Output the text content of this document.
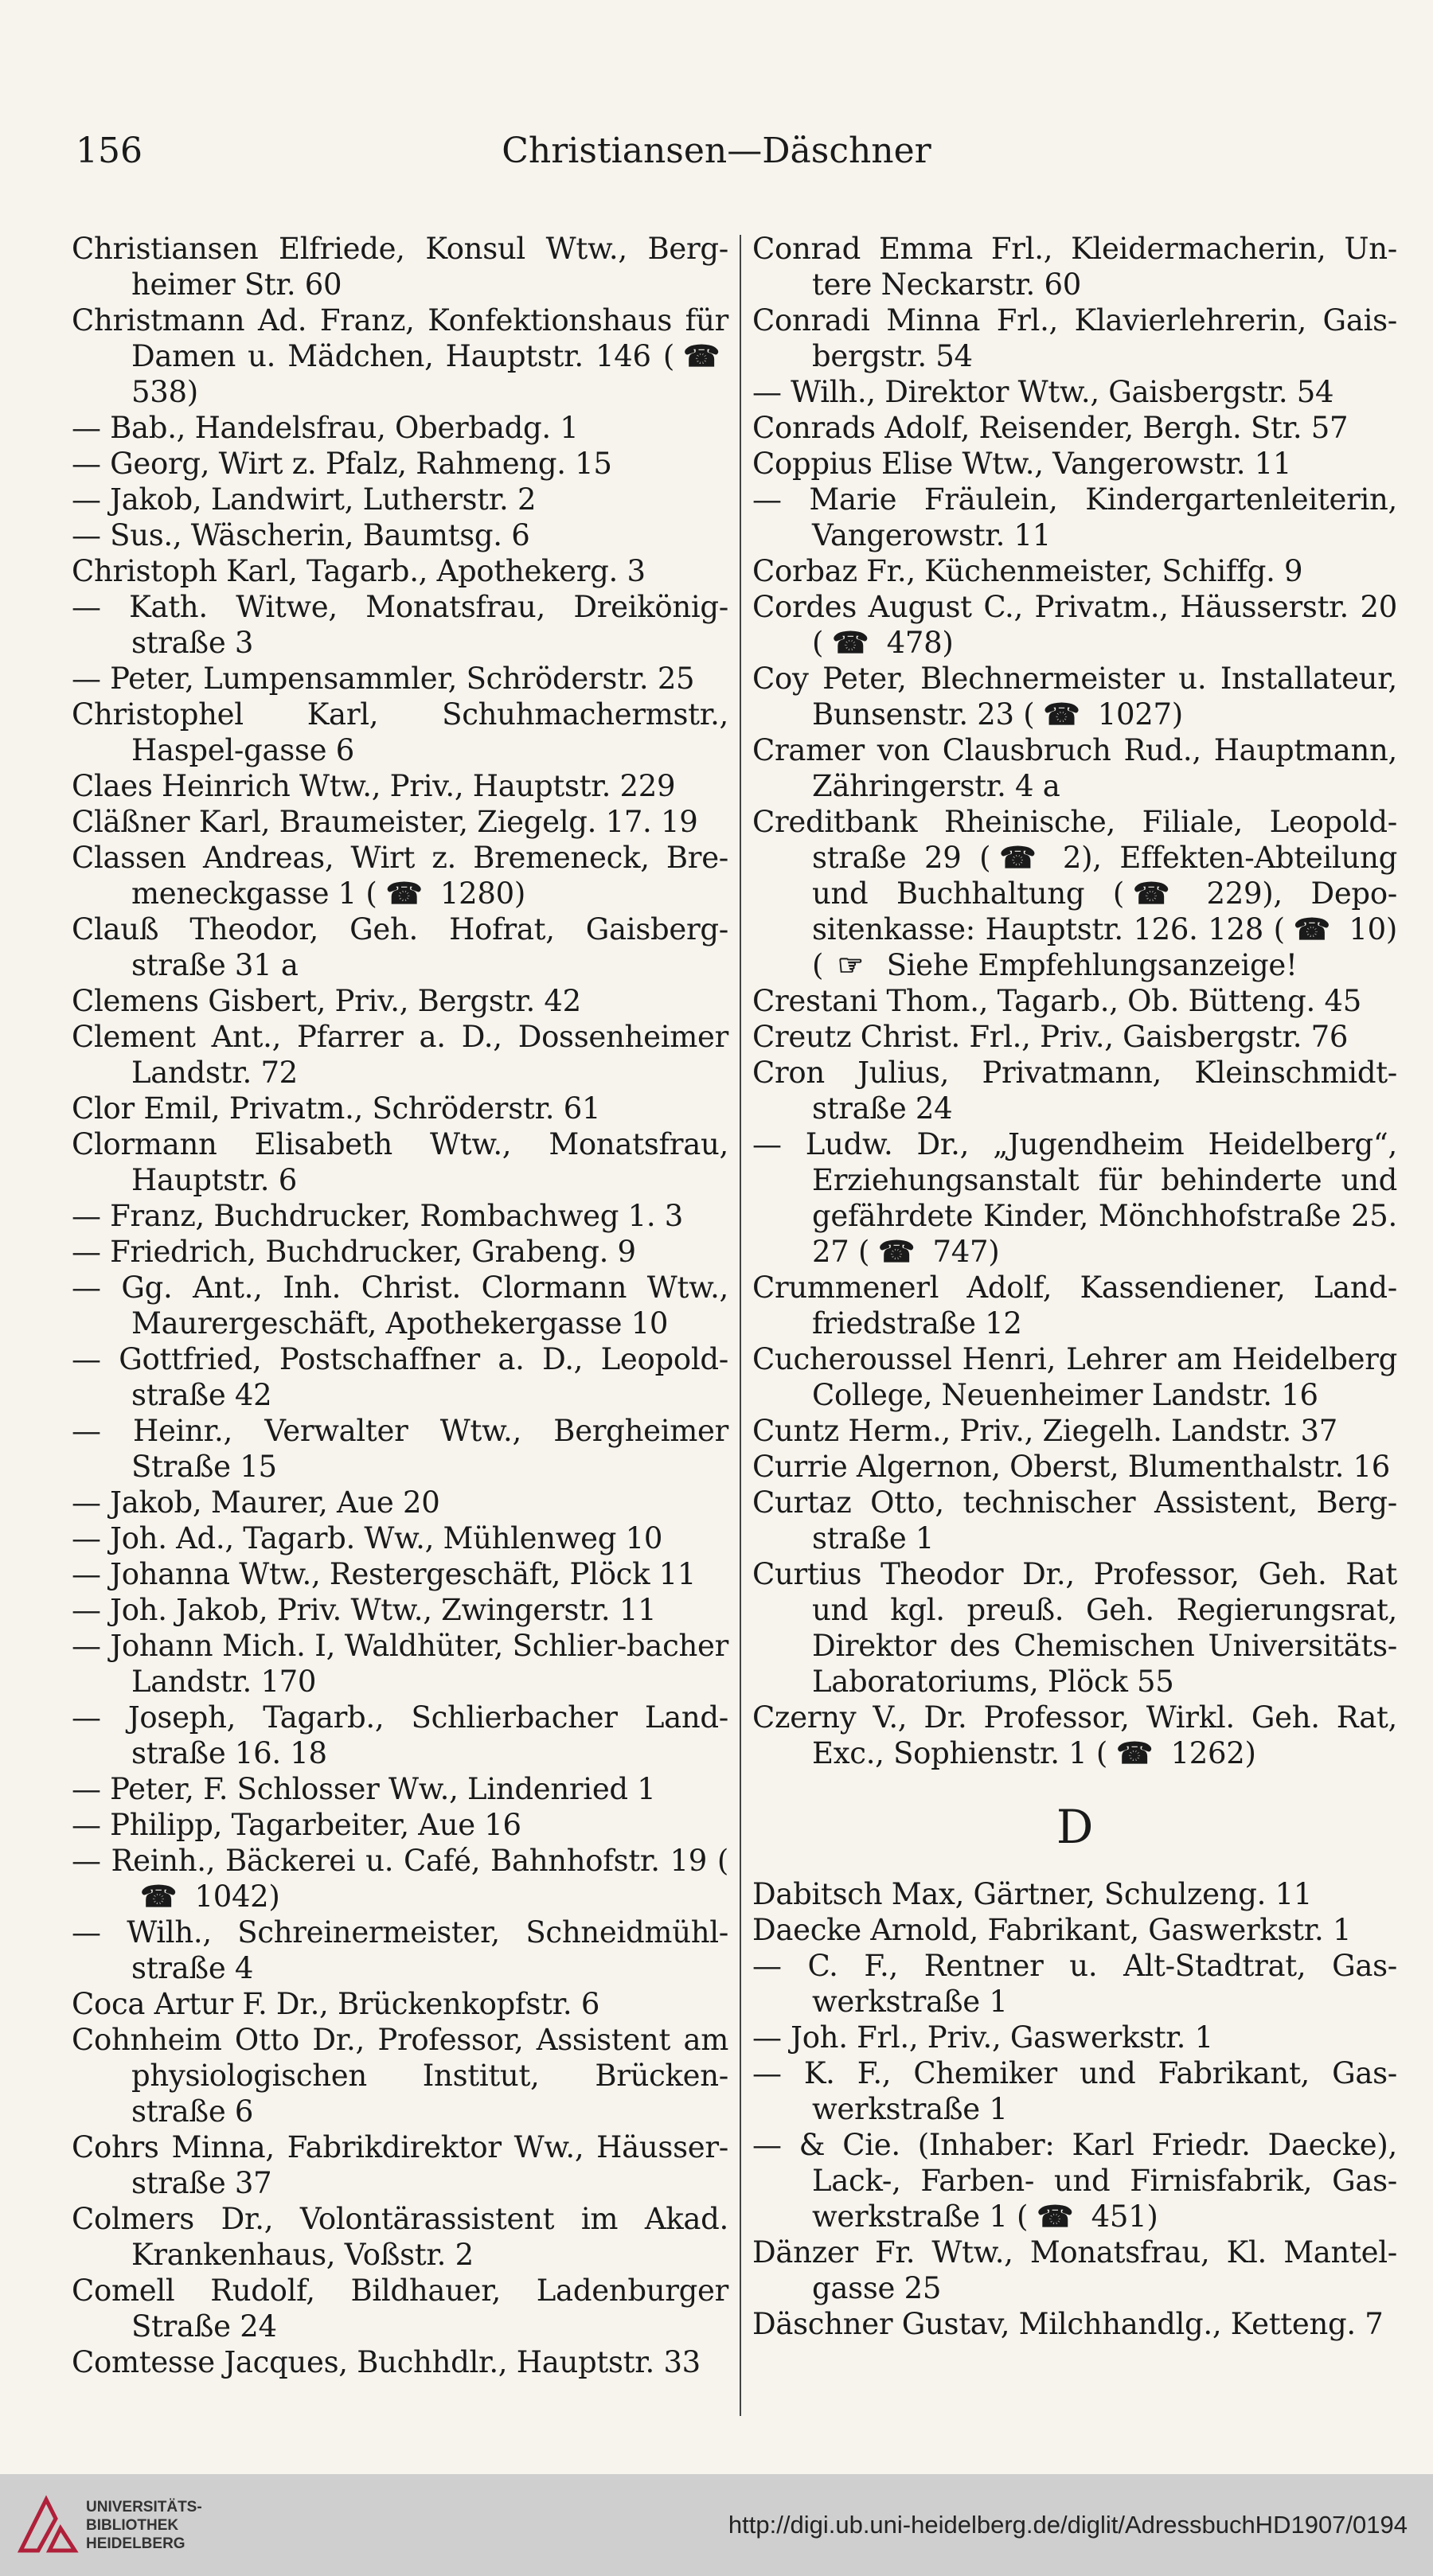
156	Christiansen—Däschner
Christiansen Elfriede, Konsul Wtw., Berg-heimer Str. 60
Christmann Ad. Franz, Konfektionshaus für Damen u. Mädchen, Hauptstr. 146 ( ☎ 538)
— Bab., Handelsfrau, Oberbadg. 1
— Georg, Wirt z. Pfalz, Rahmeng. 15
— Jakob, Landwirt, Lutherstr. 2
— Sus., Wäscherin, Baumtsg. 6
Christoph Karl, Tagarb., Apothekerg. 3
— Kath. Witwe, Monatsfrau, Dreikönig-straße 3
— Peter, Lumpensammler, Schröderstr. 25
Christophel Karl, Schuhmachermstr., Haspel-gasse 6
Claes Heinrich Wtw., Priv., Hauptstr. 229
Cläßner Karl, Braumeister, Ziegelg. 17. 19
Classen Andreas, Wirt z. Bremeneck, Bre-meneckgasse 1 ( ☎ 1280)
Clauß Theodor, Geh. Hofrat, Gaisberg-straße 31 a
Clemens Gisbert, Priv., Bergstr. 42
Clement Ant., Pfarrer a. D., Dossenheimer Landstr. 72
Clor Emil, Privatm., Schröderstr. 61
Clormann Elisabeth Wtw., Monatsfrau, Hauptstr. 6
— Franz, Buchdrucker, Rombachweg 1. 3
— Friedrich, Buchdrucker, Grabeng. 9
— Gg. Ant., Inh. Christ. Clormann Wtw., Maurergeschäft, Apothekergasse 10
— Gottfried, Postschaffner a. D., Leopold-straße 42
— Heinr., Verwalter Wtw., Bergheimer Straße 15
— Jakob, Maurer, Aue 20
— Joh. Ad., Tagarb. Ww., Mühlenweg 10
— Johanna Wtw., Restergeschäft, Plöck 11
— Joh. Jakob, Priv. Wtw., Zwingerstr. 11
— Johann Mich. I, Waldhüter, Schlier-bacher Landstr. 170
— Joseph, Tagarb., Schlierbacher Land-straße 16. 18
— Peter, F. Schlosser Ww., Lindenried 1
— Philipp, Tagarbeiter, Aue 16
— Reinh., Bäckerei u. Café, Bahnhofstr. 19 (☎ 1042)
— Wilh., Schreinermeister, Schneidmühl-straße 4
Coca Artur F. Dr., Brückenkopfstr. 6
Cohnheim Otto Dr., Professor, Assistent am physiologischen Institut, Brücken-straße 6
Cohrs Minna, Fabrikdirektor Ww., Häusser-straße 37
Colmers Dr., Volontärassistent im Akad. Krankenhaus, Voßstr. 2
Comell Rudolf, Bildhauer, Ladenburger Straße 24
Comtesse Jacques, Buchhdlr., Hauptstr. 33
Conrad Emma Frl., Kleidermacherin, Un-tere Neckarstr. 60
Conradi Minna Frl., Klavierlehrerin, Gais-bergstr. 54
— Wilh., Direktor Wtw., Gaisbergstr. 54
Conrads Adolf, Reisender, Bergh. Str. 57
Coppius Elise Wtw., Vangerowstr. 11
— Marie Fräulein, Kindergartenleiterin, Vangerowstr. 11
Corbaz Fr., Küchenmeister, Schiffg. 9
Cordes August C., Privatm., Häusserstr. 20 ( ☎ 478)
Coy Peter, Blechnermeister u. Installateur, Bunsenstr. 23 ( ☎ 1027)
Cramer von Clausbruch Rud., Hauptmann, Zähringerstr. 4 a
Creditbank Rheinische, Filiale, Leopold-straße 29 ( ☎ 2), Effekten-Abteilung und Buchhaltung ( ☎ 229), Depo-sitenkasse: Hauptstr. 126. 128 ( ☎ 10) ( ☞ Siehe Empfehlungsanzeige!
Crestani Thom., Tagarb., Ob. Bütteng. 45
Creutz Christ. Frl., Priv., Gaisbergstr. 76
Cron Julius, Privatmann, Kleinschmidt-straße 24
— Ludw. Dr., „Jugendheim Heidelberg“, Erziehungsanstalt für behinderte und gefährdete Kinder, Mönchhofstraße 25. 27 ( ☎ 747)
Crummenerl Adolf, Kassendiener, Land-friedstraße 12
Cucheroussel Henri, Lehrer am Heidelberg College, Neuenheimer Landstr. 16
Cuntz Herm., Priv., Ziegelh. Landstr. 37
Currie Algernon, Oberst, Blumenthalstr. 16
Curtaz Otto, technischer Assistent, Berg-straße 1
Curtius Theodor Dr., Professor, Geh. Rat und kgl. preuß. Geh. Regierungsrat, Direktor des Chemischen Universitäts-Laboratoriums, Plöck 55
Czerny V., Dr. Professor, Wirkl. Geh. Rat, Exc., Sophienstr. 1 ( ☎ 1262)
D
Dabitsch Max, Gärtner, Schulzeng. 11
Daecke Arnold, Fabrikant, Gaswerkstr. 1
— C. F., Rentner u. Alt-Stadtrat, Gas-werkstraße 1
— Joh. Frl., Priv., Gaswerkstr. 1
— K. F., Chemiker und Fabrikant, Gas-werkstraße 1
— & Cie. (Inhaber: Karl Friedr. Daecke), Lack-, Farben- und Firnisfabrik, Gas-werkstraße 1 ( ☎ 451)
Dänzer Fr. Wtw., Monatsfrau, Kl. Mantel-gasse 25
Däschner Gustav, Milchhandlg., Ketteng. 7
UNIVERSITÄTS-
BIBLIOTHEK
HEIDELBERG
http://digi.ub.uni-heidelberg.de/diglit/AdressbuchHD1907/0194
